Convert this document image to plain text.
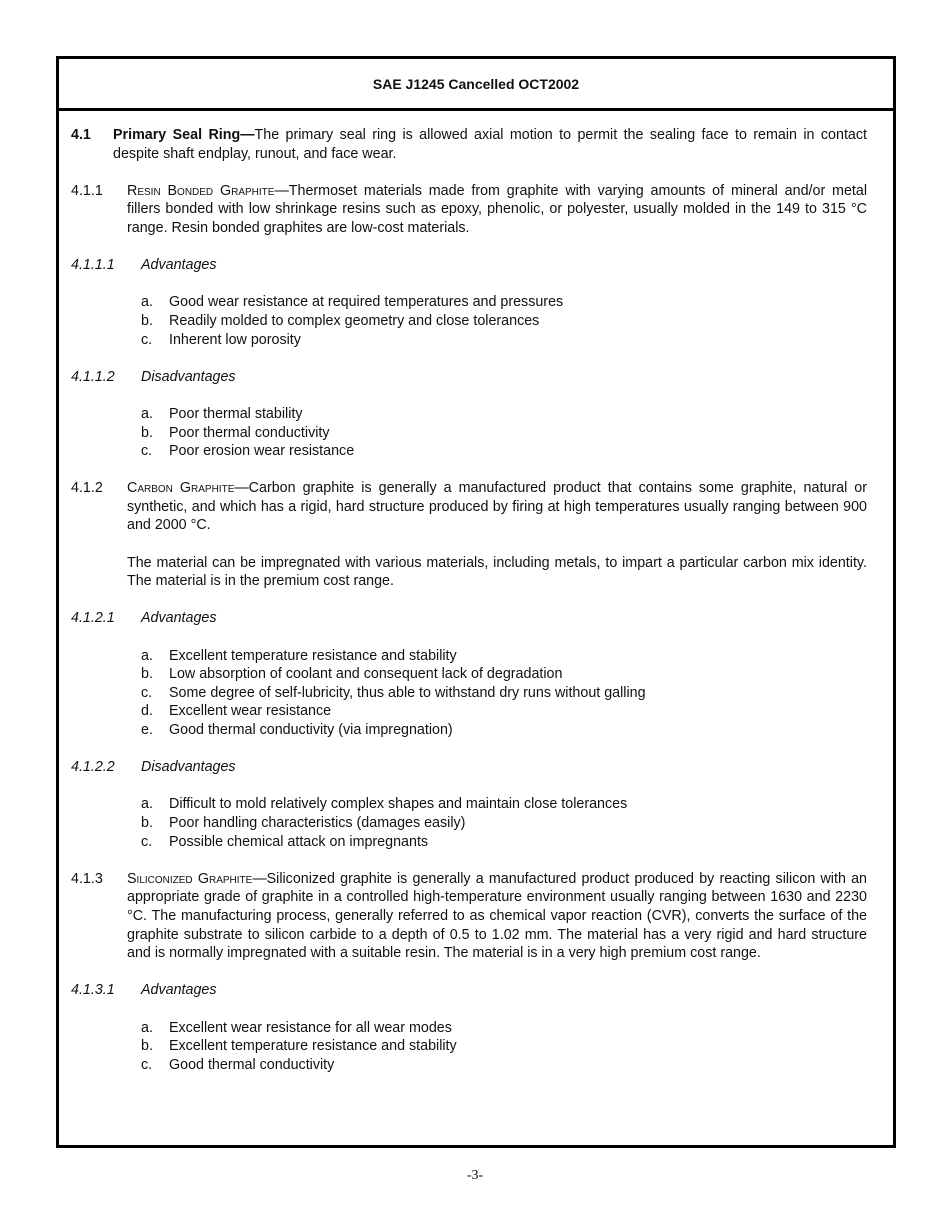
SAE J1245 Cancelled OCT2002

4.1 Primary Seal Ring—The primary seal ring is allowed axial motion to permit the sealing face to remain in contact despite shaft endplay, runout, and face wear.

4.1.1 Resin Bonded Graphite—Thermoset materials made from graphite with varying amounts of mineral and/or metal fillers bonded with low shrinkage resins such as epoxy, phenolic, or polyester, usually molded in the 149 to 315 °C range. Resin bonded graphites are low-cost materials.

4.1.1.1 Advantages
a. Good wear resistance at required temperatures and pressures
b. Readily molded to complex geometry and close tolerances
c. Inherent low porosity
4.1.1.2 Disadvantages
a. Poor thermal stability
b. Poor thermal conductivity
c. Poor erosion wear resistance

4.1.2 Carbon Graphite—Carbon graphite is generally a manufactured product that contains some graphite, natural or synthetic, and which has a rigid, hard structure produced by firing at high temperatures usually ranging between 900 and 2000 °C.

The material can be impregnated with various materials, including metals, to impart a particular carbon mix identity. The material is in the premium cost range.

4.1.2.1 Advantages
a. Excellent temperature resistance and stability
b. Low absorption of coolant and consequent lack of degradation
c. Some degree of self-lubricity, thus able to withstand dry runs without galling
d. Excellent wear resistance
e. Good thermal conductivity (via impregnation)
4.1.2.2 Disadvantages
a. Difficult to mold relatively complex shapes and maintain close tolerances
b. Poor handling characteristics (damages easily)
c. Possible chemical attack on impregnants

4.1.3 Siliconized Graphite—Siliconized graphite is generally a manufactured product produced by reacting silicon with an appropriate grade of graphite in a controlled high-temperature environment usually ranging between 1630 and 2230 °C. The manufacturing process, generally referred to as chemical vapor reaction (CVR), converts the surface of the graphite substrate to silicon carbide to a depth of 0.5 to 1.02 mm. The material has a very rigid and hard structure and is normally impregnated with a suitable resin. The material is in a very high premium cost range.

4.1.3.1 Advantages
a. Excellent wear resistance for all wear modes
b. Excellent temperature resistance and stability
c. Good thermal conductivity
-3-
